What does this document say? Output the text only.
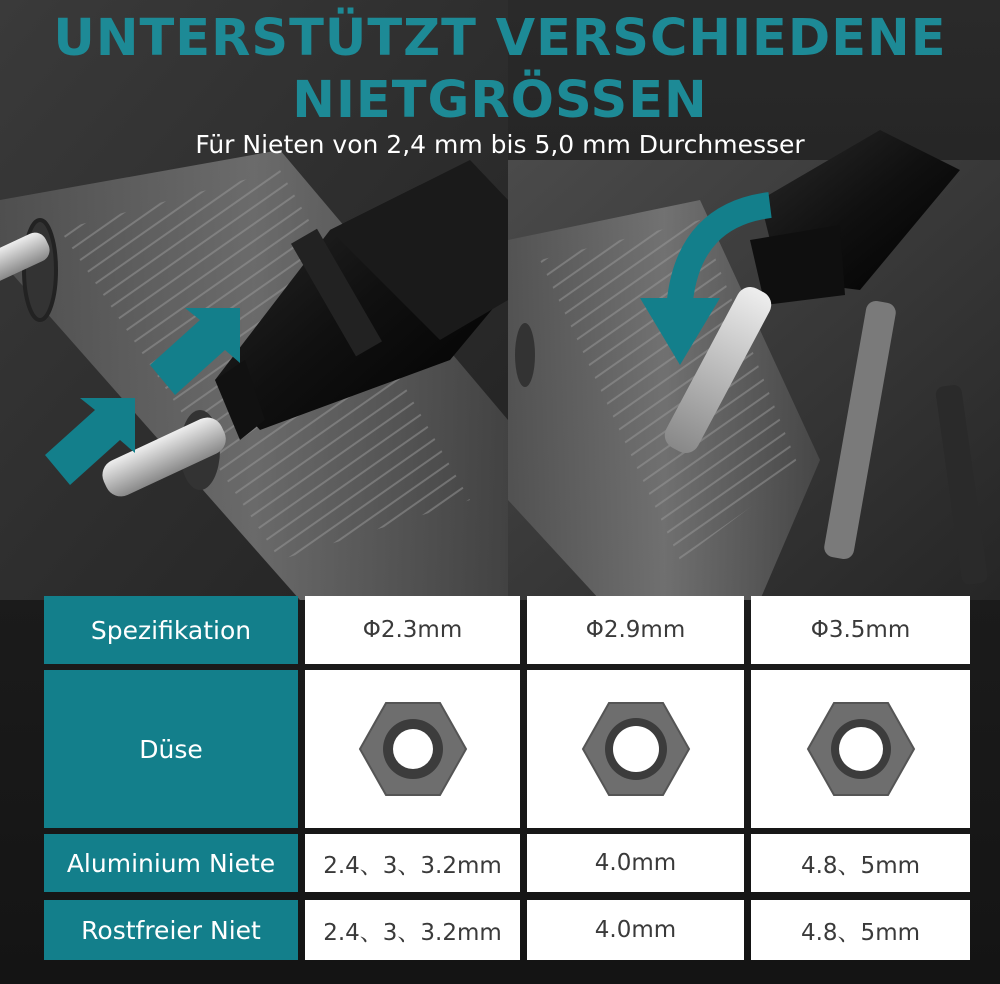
UNTERSTÜTZT VERSCHIEDENE
NIETGRÖSSEN
Für Nieten von 2,4 mm bis 5,0 mm Durchmesser
Spezifikation	Φ2.3mm	Φ2.9mm	Φ3.5mm
Düse
Aluminium Niete	2.4、3、3.2mm	4.0mm	4.8、5mm
Rostfreier Niet	2.4、3、3.2mm	4.0mm	4.8、5mm
